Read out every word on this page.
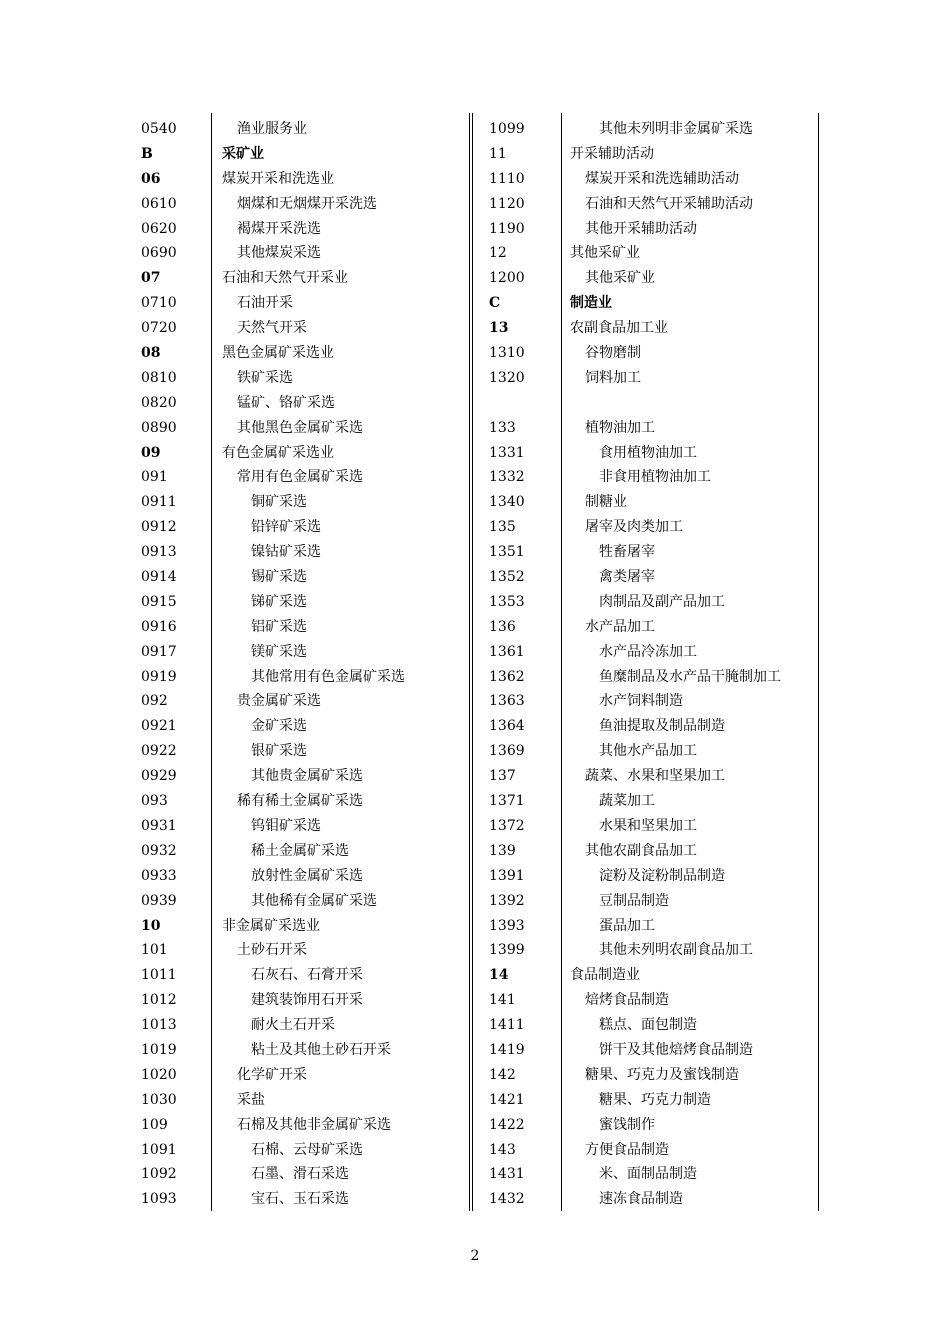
0540	渔业服务业
B	采矿业
06	煤炭开采和洗选业
0610	烟煤和无烟煤开采洗选
0620	褐煤开采洗选
0690	其他煤炭采选
07	石油和天然气开采业
0710	石油开采
0720	天然气开采
08	黑色金属矿采选业
0810	铁矿采选
0820	锰矿、铬矿采选
0890	其他黑色金属矿采选
09	有色金属矿采选业
091	常用有色金属矿采选
0911	铜矿采选
0912	铅锌矿采选
0913	镍钴矿采选
0914	锡矿采选
0915	锑矿采选
0916	铝矿采选
0917	镁矿采选
0919	其他常用有色金属矿采选
092	贵金属矿采选
0921	金矿采选
0922	银矿采选
0929	其他贵金属矿采选
093	稀有稀土金属矿采选
0931	钨钼矿采选
0932	稀土金属矿采选
0933	放射性金属矿采选
0939	其他稀有金属矿采选
10	非金属矿采选业
101	土砂石开采
1011	石灰石、石膏开采
1012	建筑装饰用石开采
1013	耐火土石开采
1019	粘土及其他土砂石开采
1020	化学矿开采
1030	采盐
109	石棉及其他非金属矿采选
1091	石棉、云母矿采选
1092	石墨、滑石采选
1093	宝石、玉石采选
1099	其他未列明非金属矿采选
11	开采辅助活动
1110	煤炭开采和洗选辅助活动
1120	石油和天然气开采辅助活动
1190	其他开采辅助活动
12	其他采矿业
1200	其他采矿业
C	制造业
13	农副食品加工业
1310	谷物磨制
1320	饲料加工
133	植物油加工
1331	食用植物油加工
1332	非食用植物油加工
1340	制糖业
135	屠宰及肉类加工
1351	牲畜屠宰
1352	禽类屠宰
1353	肉制品及副产品加工
136	水产品加工
1361	水产品冷冻加工
1362	鱼糜制品及水产品干腌制加工
1363	水产饲料制造
1364	鱼油提取及制品制造
1369	其他水产品加工
137	蔬菜、水果和坚果加工
1371	蔬菜加工
1372	水果和坚果加工
139	其他农副食品加工
1391	淀粉及淀粉制品制造
1392	豆制品制造
1393	蛋品加工
1399	其他未列明农副食品加工
14	食品制造业
141	焙烤食品制造
1411	糕点、面包制造
1419	饼干及其他焙烤食品制造
142	糖果、巧克力及蜜饯制造
1421	糖果、巧克力制造
1422	蜜饯制作
143	方便食品制造
1431	米、面制品制造
1432	速冻食品制造
2
